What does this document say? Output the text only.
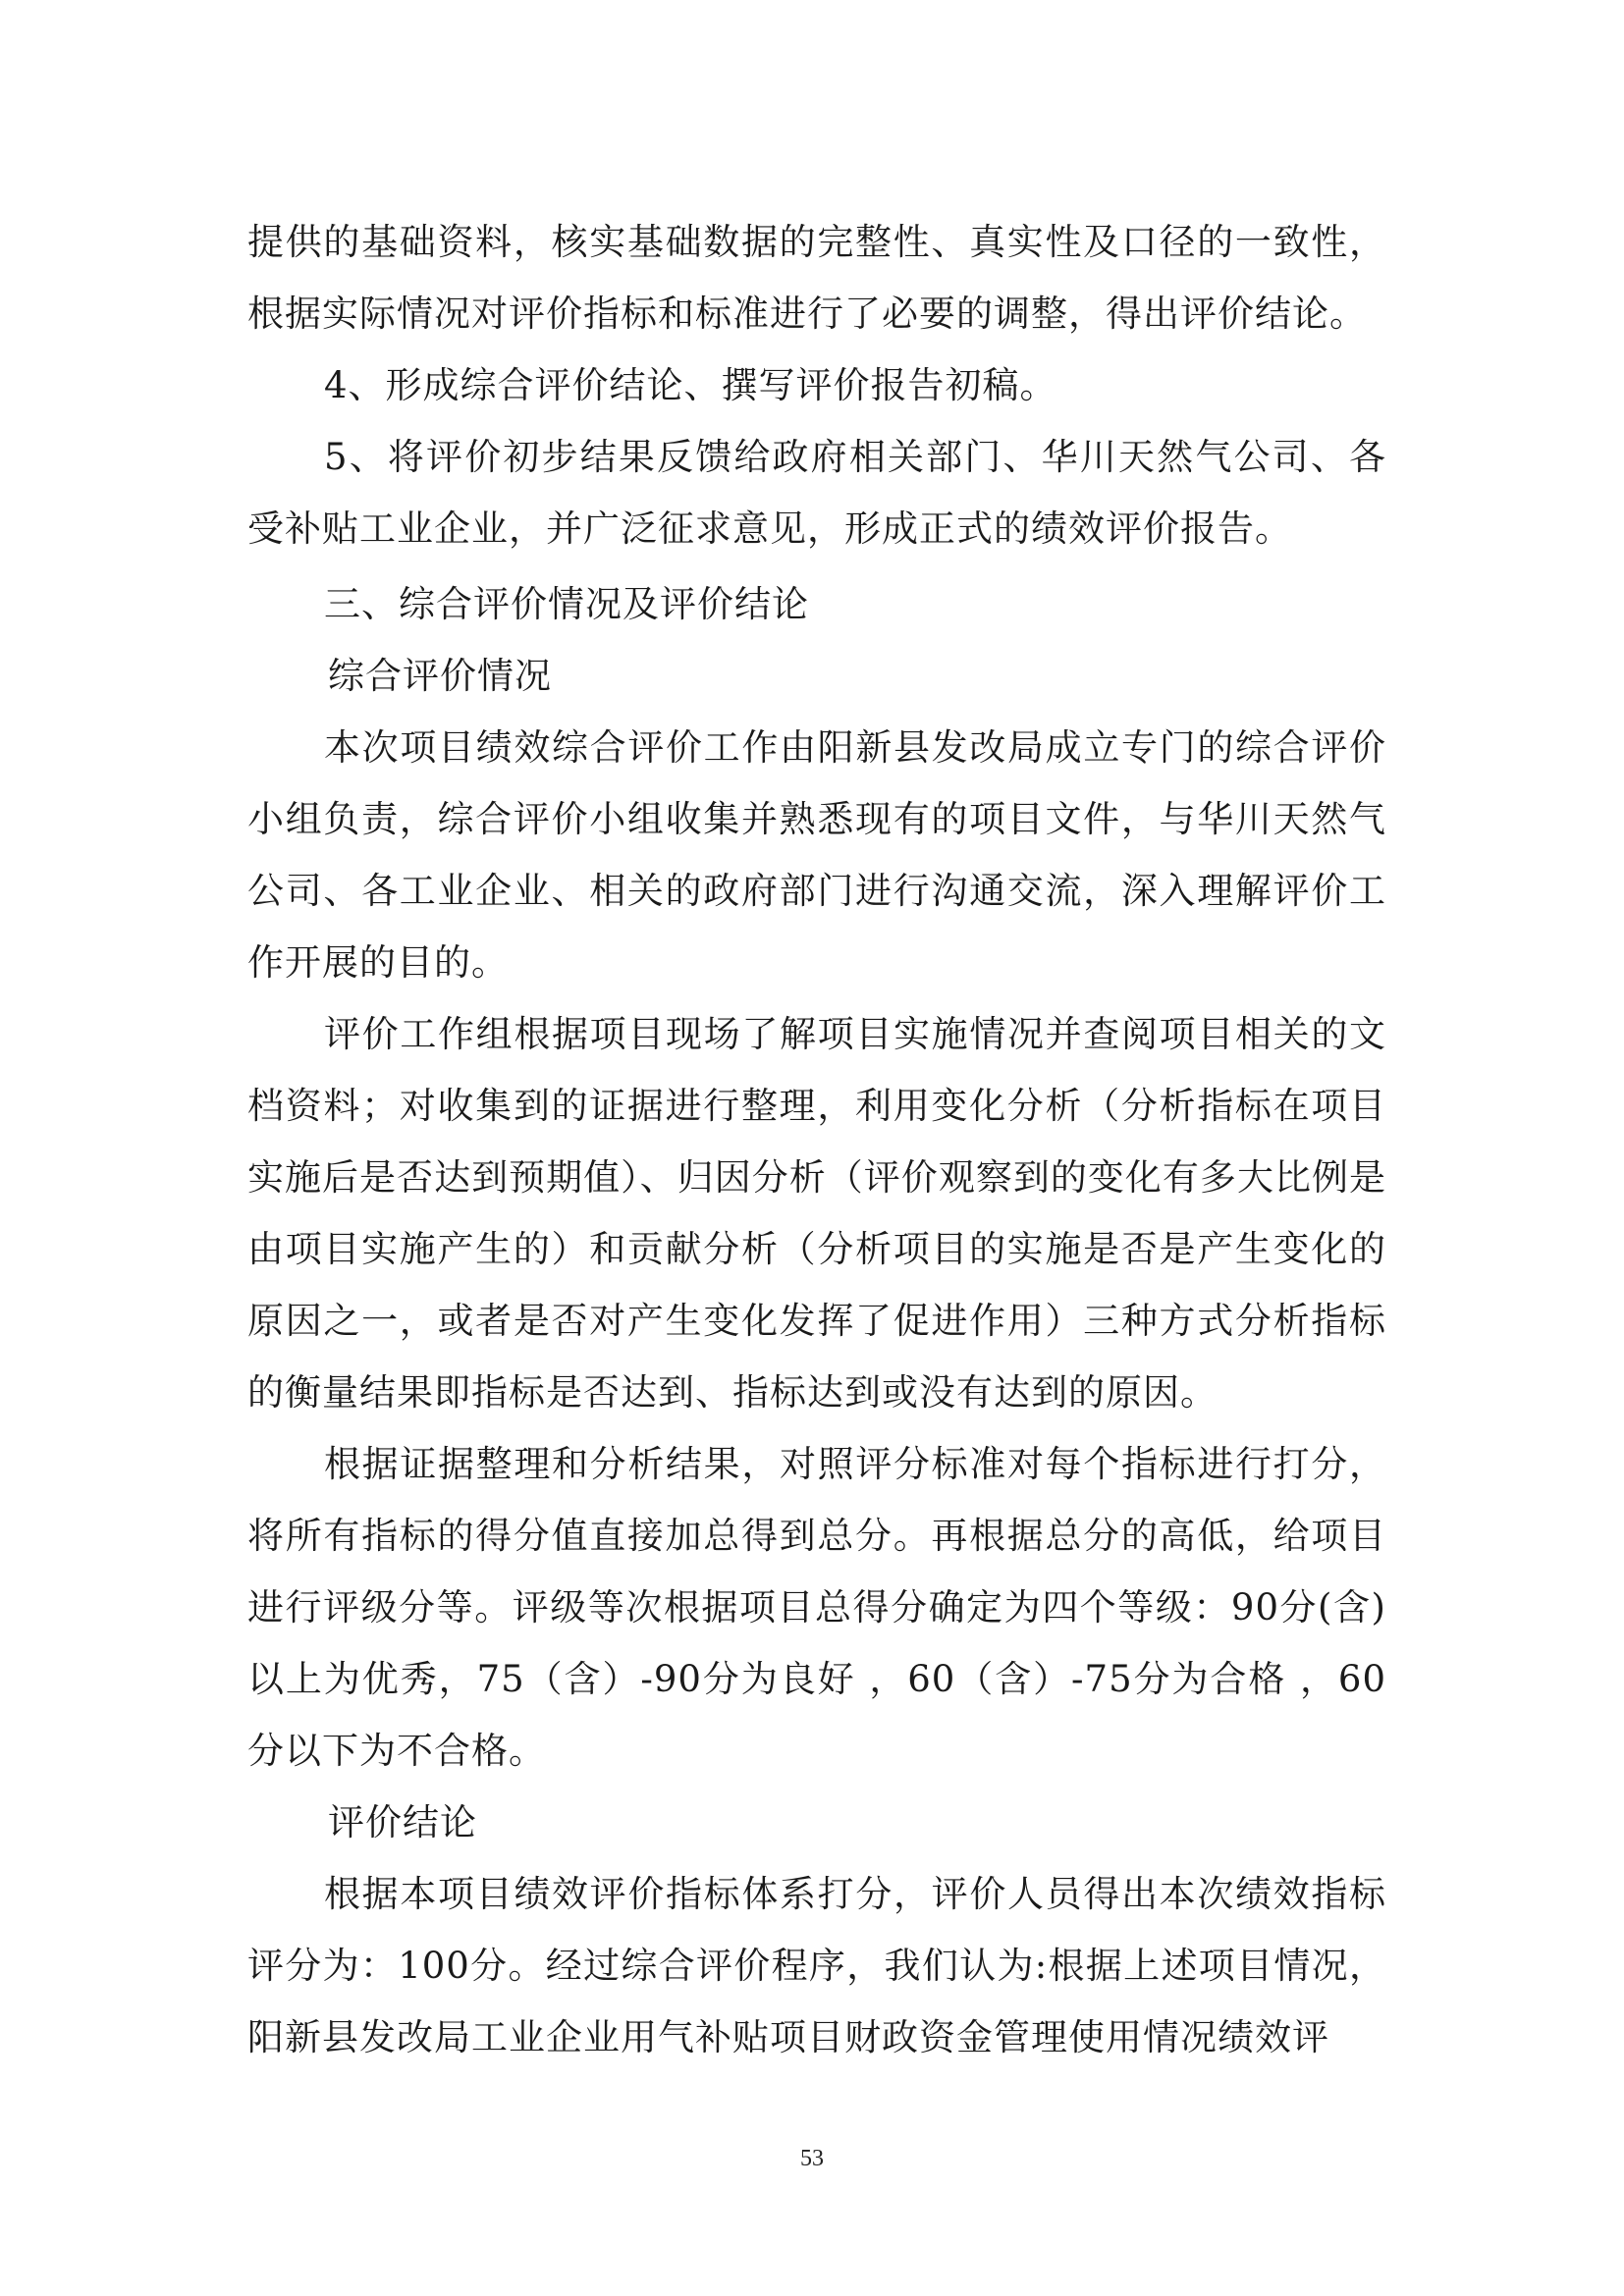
提供的基础资料，核实基础数据的完整性、真实性及口径的一致性，根据实际情况对评价指标和标准进行了必要的调整，得出评价结论。

4、形成综合评价结论、撰写评价报告初稿。

5、将评价初步结果反馈给政府相关部门、华川天然气公司、各受补贴工业企业，并广泛征求意见，形成正式的绩效评价报告。

三、综合评价情况及评价结论

综合评价情况

本次项目绩效综合评价工作由阳新县发改局成立专门的综合评价小组负责，综合评价小组收集并熟悉现有的项目文件，与华川天然气公司、各工业企业、相关的政府部门进行沟通交流，深入理解评价工作开展的目的。

评价工作组根据项目现场了解项目实施情况并查阅项目相关的文档资料；对收集到的证据进行整理，利用变化分析（分析指标在项目实施后是否达到预期值）、归因分析（评价观察到的变化有多大比例是由项目实施产生的）和贡献分析（分析项目的实施是否是产生变化的原因之一，或者是否对产生变化发挥了促进作用）三种方式分析指标的衡量结果即指标是否达到、指标达到或没有达到的原因。

根据证据整理和分析结果，对照评分标准对每个指标进行打分，将所有指标的得分值直接加总得到总分。再根据总分的高低，给项目进行评级分等。评级等次根据项目总得分确定为四个等级：90分(含)以上为优秀，75（含）-90分为良好 ，60（含）-75分为合格 ，60分以下为不合格。

评价结论

根据本项目绩效评价指标体系打分，评价人员得出本次绩效指标评分为：100分。经过综合评价程序，我们认为:根据上述项目情况，阳新县发改局工业企业用气补贴项目财政资金管理使用情况绩效评

53
